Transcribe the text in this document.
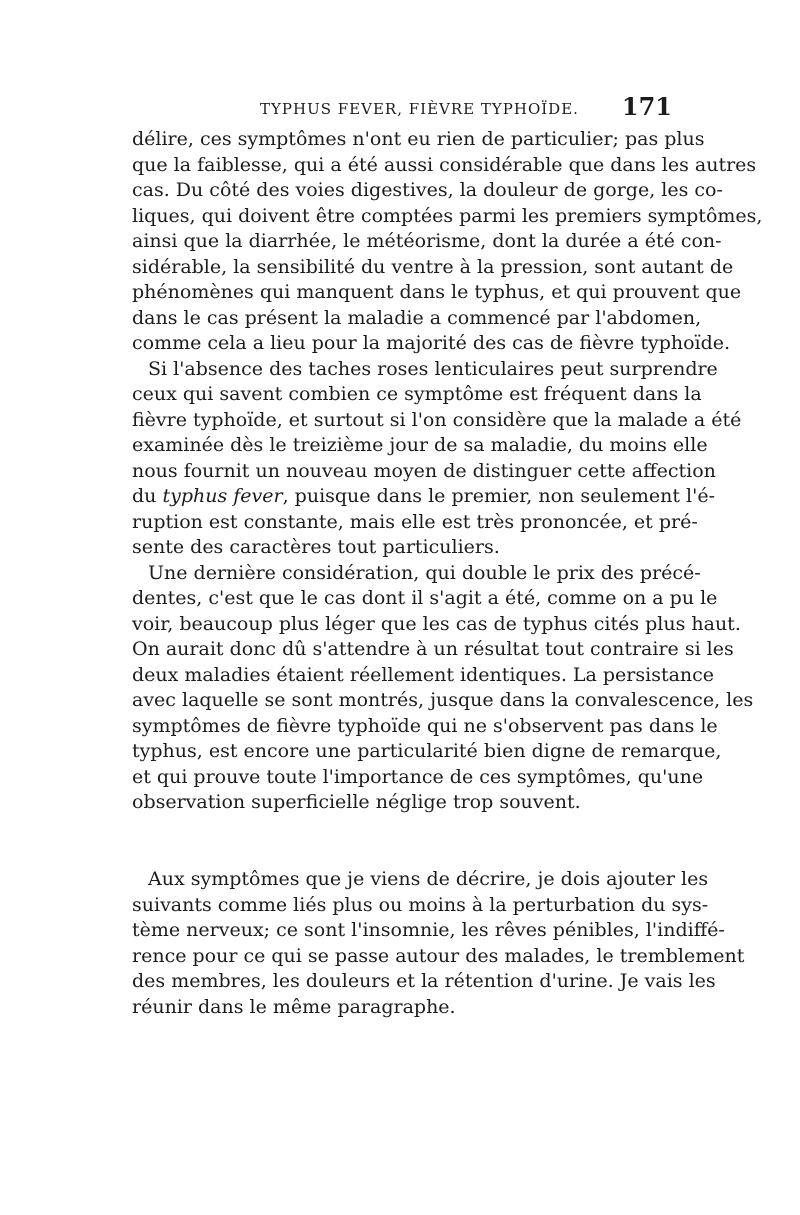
TYPHUS FEVER, FIÈVRE TYPHOÏDE. 171
délire, ces symptômes n'ont eu rien de particulier; pas plus
que la faiblesse, qui a été aussi considérable que dans les autres
cas. Du côté des voies digestives, la douleur de gorge, les co-
liques, qui doivent être comptées parmi les premiers symptômes,
ainsi que la diarrhée, le météorisme, dont la durée a été con-
sidérable, la sensibilité du ventre à la pression, sont autant de
phénomènes qui manquent dans le typhus, et qui prouvent que
dans le cas présent la maladie a commencé par l'abdomen,
comme cela a lieu pour la majorité des cas de fièvre typhoïde.
Si l'absence des taches roses lenticulaires peut surprendre
ceux qui savent combien ce symptôme est fréquent dans la
fièvre typhoïde, et surtout si l'on considère que la malade a été
examinée dès le treizième jour de sa maladie, du moins elle
nous fournit un nouveau moyen de distinguer cette affection
du typhus fever, puisque dans le premier, non seulement l'é-
ruption est constante, mais elle est très prononcée, et pré-
sente des caractères tout particuliers.
Une dernière considération, qui double le prix des précé-
dentes, c'est que le cas dont il s'agit a été, comme on a pu le
voir, beaucoup plus léger que les cas de typhus cités plus haut.
On aurait donc dû s'attendre à un résultat tout contraire si les
deux maladies étaient réellement identiques. La persistance
avec laquelle se sont montrés, jusque dans la convalescence, les
symptômes de fièvre typhoïde qui ne s'observent pas dans le
typhus, est encore une particularité bien digne de remarque,
et qui prouve toute l'importance de ces symptômes, qu'une
observation superficielle néglige trop souvent.
Aux symptômes que je viens de décrire, je dois ajouter les
suivants comme liés plus ou moins à la perturbation du sys-
tème nerveux; ce sont l'insomnie, les rêves pénibles, l'indiffé-
rence pour ce qui se passe autour des malades, le tremblement
des membres, les douleurs et la rétention d'urine. Je vais les
réunir dans le même paragraphe.
